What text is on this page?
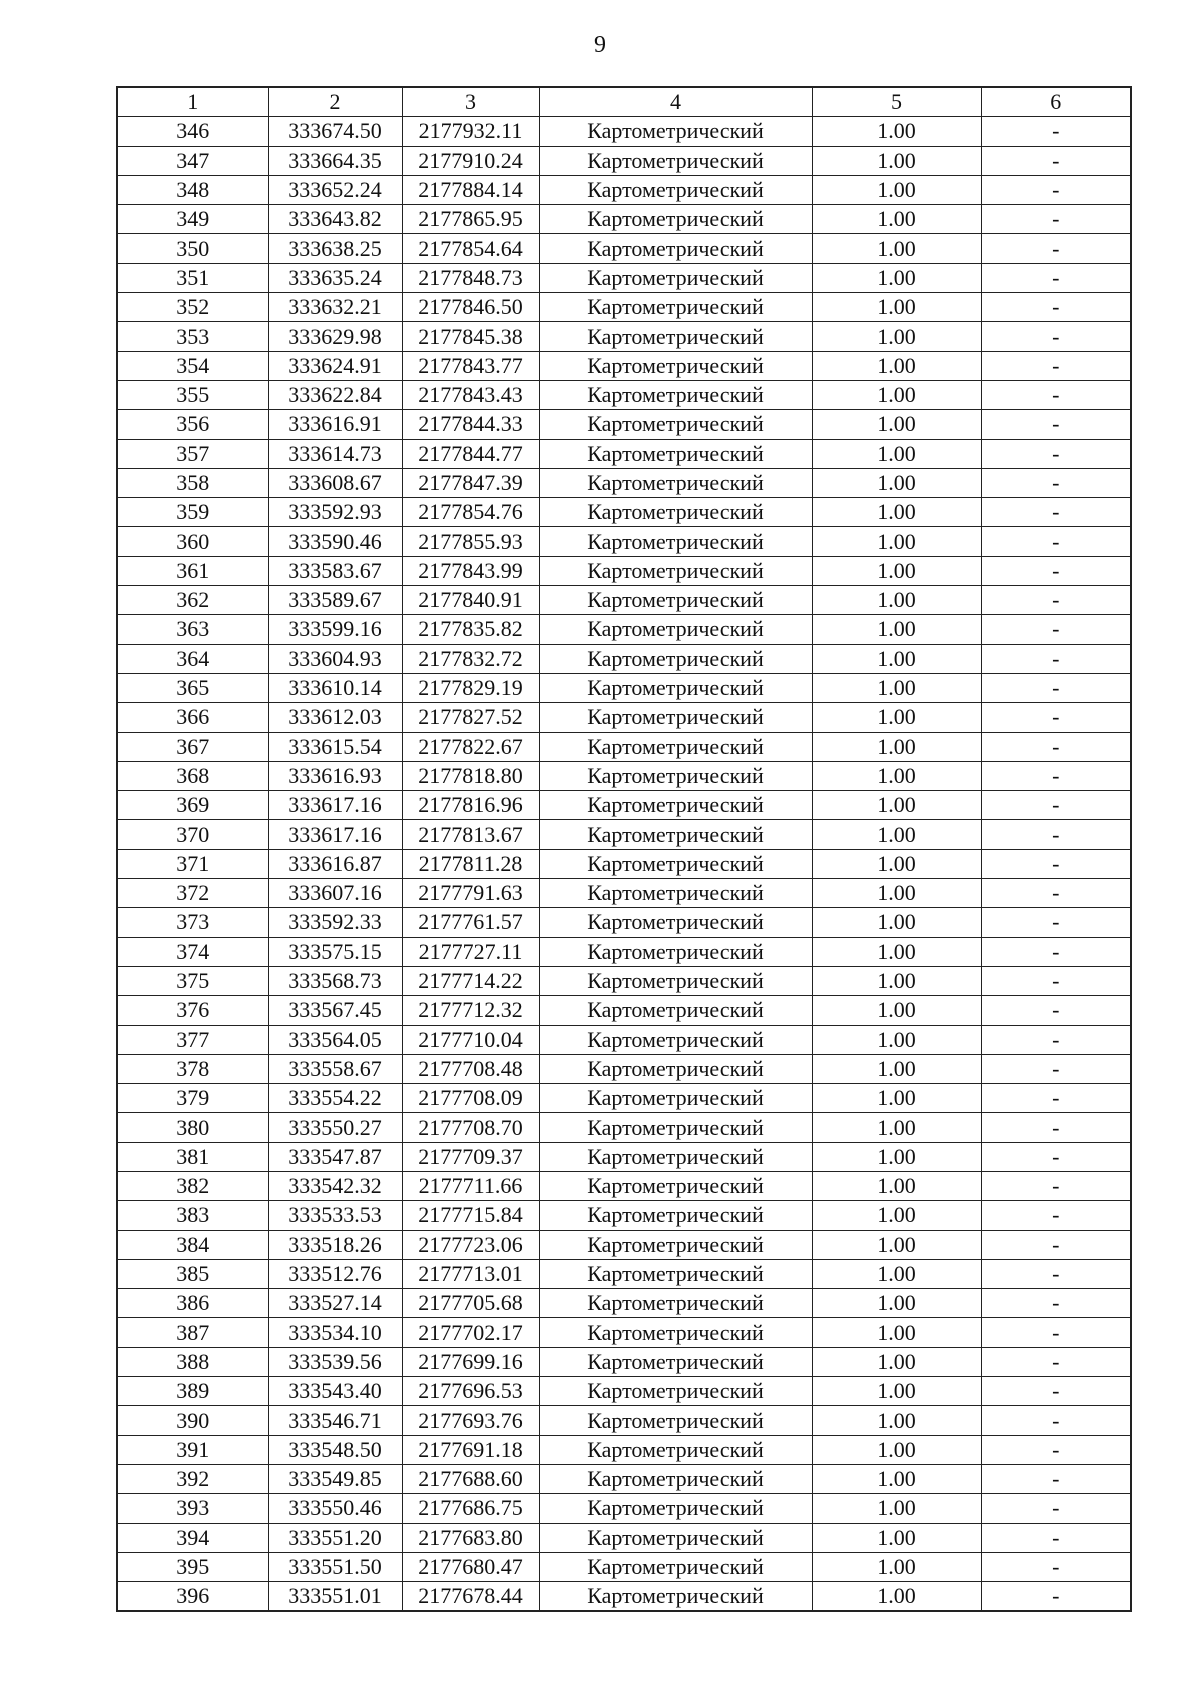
9
1	2	3	4	5	6
346	333674.50	2177932.11	Картометрический	1.00	-
347	333664.35	2177910.24	Картометрический	1.00	-
348	333652.24	2177884.14	Картометрический	1.00	-
349	333643.82	2177865.95	Картометрический	1.00	-
350	333638.25	2177854.64	Картометрический	1.00	-
351	333635.24	2177848.73	Картометрический	1.00	-
352	333632.21	2177846.50	Картометрический	1.00	-
353	333629.98	2177845.38	Картометрический	1.00	-
354	333624.91	2177843.77	Картометрический	1.00	-
355	333622.84	2177843.43	Картометрический	1.00	-
356	333616.91	2177844.33	Картометрический	1.00	-
357	333614.73	2177844.77	Картометрический	1.00	-
358	333608.67	2177847.39	Картометрический	1.00	-
359	333592.93	2177854.76	Картометрический	1.00	-
360	333590.46	2177855.93	Картометрический	1.00	-
361	333583.67	2177843.99	Картометрический	1.00	-
362	333589.67	2177840.91	Картометрический	1.00	-
363	333599.16	2177835.82	Картометрический	1.00	-
364	333604.93	2177832.72	Картометрический	1.00	-
365	333610.14	2177829.19	Картометрический	1.00	-
366	333612.03	2177827.52	Картометрический	1.00	-
367	333615.54	2177822.67	Картометрический	1.00	-
368	333616.93	2177818.80	Картометрический	1.00	-
369	333617.16	2177816.96	Картометрический	1.00	-
370	333617.16	2177813.67	Картометрический	1.00	-
371	333616.87	2177811.28	Картометрический	1.00	-
372	333607.16	2177791.63	Картометрический	1.00	-
373	333592.33	2177761.57	Картометрический	1.00	-
374	333575.15	2177727.11	Картометрический	1.00	-
375	333568.73	2177714.22	Картометрический	1.00	-
376	333567.45	2177712.32	Картометрический	1.00	-
377	333564.05	2177710.04	Картометрический	1.00	-
378	333558.67	2177708.48	Картометрический	1.00	-
379	333554.22	2177708.09	Картометрический	1.00	-
380	333550.27	2177708.70	Картометрический	1.00	-
381	333547.87	2177709.37	Картометрический	1.00	-
382	333542.32	2177711.66	Картометрический	1.00	-
383	333533.53	2177715.84	Картометрический	1.00	-
384	333518.26	2177723.06	Картометрический	1.00	-
385	333512.76	2177713.01	Картометрический	1.00	-
386	333527.14	2177705.68	Картометрический	1.00	-
387	333534.10	2177702.17	Картометрический	1.00	-
388	333539.56	2177699.16	Картометрический	1.00	-
389	333543.40	2177696.53	Картометрический	1.00	-
390	333546.71	2177693.76	Картометрический	1.00	-
391	333548.50	2177691.18	Картометрический	1.00	-
392	333549.85	2177688.60	Картометрический	1.00	-
393	333550.46	2177686.75	Картометрический	1.00	-
394	333551.20	2177683.80	Картометрический	1.00	-
395	333551.50	2177680.47	Картометрический	1.00	-
396	333551.01	2177678.44	Картометрический	1.00	-
